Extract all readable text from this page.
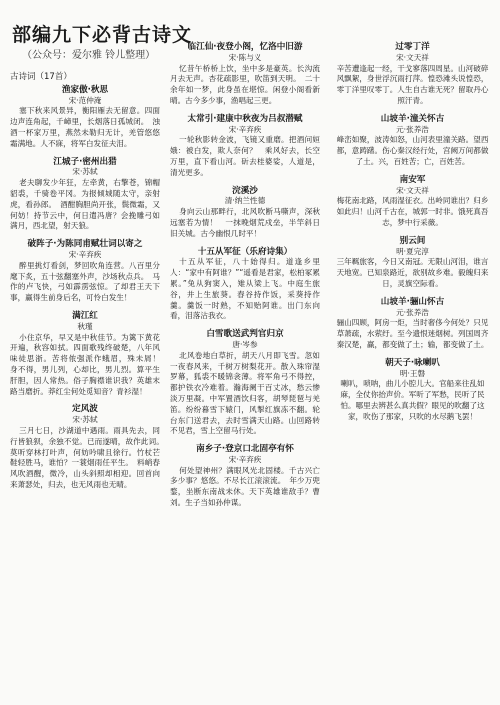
部编九下必背古诗文
（公众号：爱尔雅 铃儿整理）
古诗词（17首）
渔家傲·秋思
宋·范仲淹
塞下秋来风景异，衡阳雁去无留意。四面边声连角起，千嶂里，长烟落日孤城闭。　浊酒一杯家万里，燕然未勒归无计，羌管悠悠霜满地。人不寐，将军白发征夫泪。
江城子·密州出猎
宋·苏轼
老夫聊发少年狂，左牵黄，右擎苍，锦帽貂裘，千骑卷平冈。为报倾城随太守，亲射虎，看孙郎。　酒酣胸胆尚开张，鬓微霜，又何妨！持节云中，何日遣冯唐？会挽雕弓如满月，西北望，射天狼。
破阵子·为陈同甫赋壮词以寄之
宋·辛弃疾
醉里挑灯看剑，梦回吹角连营。八百里分麾下炙，五十弦翻塞外声，沙场秋点兵。　马作的卢飞快，弓如霹雳弦惊。了却君王天下事，赢得生前身后名，可怜白发生！
满江红
秋瑾
小住京华，早又是中秋佳节。为篱下黄花开遍，秋容如拭。四面歌残终破楚，八年风味徒思浙。苦将侬强派作蛾眉，殊未屑！　身不得，男儿列，心却比，男儿烈。算平生肝胆，因人常热。俗子胸襟谁识我？英雄末路当磨折。莽红尘何处觅知音？青衫湿！
定风波
宋·苏轼
三月七日，沙湖道中遇雨。雨具先去，同行皆狼狈，余独不觉。已而遂晴，故作此词。　莫听穿林打叶声，何妨吟啸且徐行。竹杖芒鞋轻胜马，谁怕？一蓑烟雨任平生。　料峭春风吹酒醒，微冷，山头斜照却相迎。回首向来萧瑟处，归去，也无风雨也无晴。
临江仙·夜登小阁，忆洛中旧游
宋·陈与义
忆昔午桥桥上饮，坐中多是豪英。长沟流月去无声。杏花疏影里，吹笛到天明。　二十余年如一梦，此身虽在堪惊。闲登小阁看新晴。古今多少事，渔唱起三更。
太常引·建康中秋夜为吕叔潜赋
宋·辛弃疾
一轮秋影转金波，飞镜又重磨。把酒问姮娥：被白发，欺人奈何？　乘风好去，长空万里，直下看山河。斫去桂婆娑，人道是，清光更多。
浣溪沙
清·纳兰性德
身向云山那畔行，北风吹断马嘶声，深秋远塞若为情！　一抹晚烟荒戍垒，半竿斜日旧关城。古今幽恨几时平！
十五从军征（乐府诗集）
十五从军征，八十始得归。道逢乡里人：“家中有阿谁？”“遥看是君家，松柏冢累累。”兔从狗窦入，雉从梁上飞。中庭生旅谷，井上生旅葵。舂谷持作饭，采葵持作羹。羹饭一时熟，不知贻阿谁。出门东向看，泪落沾我衣。
白雪歌送武判官归京
唐·岑参
北风卷地白草折，胡天八月即飞雪。忽如一夜春风来，千树万树梨花开。散入珠帘湿罗幕，狐裘不暖锦衾薄。将军角弓不得控，都护铁衣冷难着。瀚海阑干百丈冰，愁云惨淡万里凝。中军置酒饮归客，胡琴琵琶与羌笛。纷纷暮雪下辕门，风掣红旗冻不翻。轮台东门送君去，去时雪满天山路。山回路转不见君，雪上空留马行处。
南乡子·登京口北固亭有怀
宋·辛弃疾
何处望神州？满眼风光北固楼。千古兴亡多少事？悠悠。不尽长江滚滚流。　年少万兜鍪，坐断东南战未休。天下英雄谁敌手？曹刘。生子当如孙仲谋。
过零丁洋
宋·文天祥
辛苦遭逢起一经，干戈寥落四周星。山河破碎风飘絮，身世浮沉雨打萍。惶恐滩头说惶恐，零丁洋里叹零丁。人生自古谁无死？留取丹心照汗青。
山坡羊·潼关怀古
元·张养浩
峰峦如聚，波涛如怒，山河表里潼关路。望西都，意踌躇。伤心秦汉经行处，宫阙万间都做了土。兴，百姓苦；亡，百姓苦。
南安军
宋·文天祥
梅花南北路，风雨湿征衣。出岭同谁出？归乡如此归！山河千古在，城郭一时非。饿死真吾志，梦中行采薇。
别云间
明·夏完淳
三年羁旅客，今日又南冠。无限山河泪，谁言天地宽。已知泉路近，欲别故乡难。毅魄归来日，灵旗空际看。
山坡羊·骊山怀古
元·张养浩
骊山四顾，阿房一炬，当时奢侈今何处？只见草萧疏，水萦纡。至今遗恨迷烟树。列国周齐秦汉楚，赢，都变做了土；输，都变做了土。
朝天子·咏喇叭
明·王磐
喇叭，唢呐，曲儿小腔儿大。官船来往乱如麻，全仗你抬声价。军听了军愁，民听了民怕。哪里去辨甚么真共假？眼见的吹翻了这家，吹伤了那家，只吹的水尽鹅飞罢！
